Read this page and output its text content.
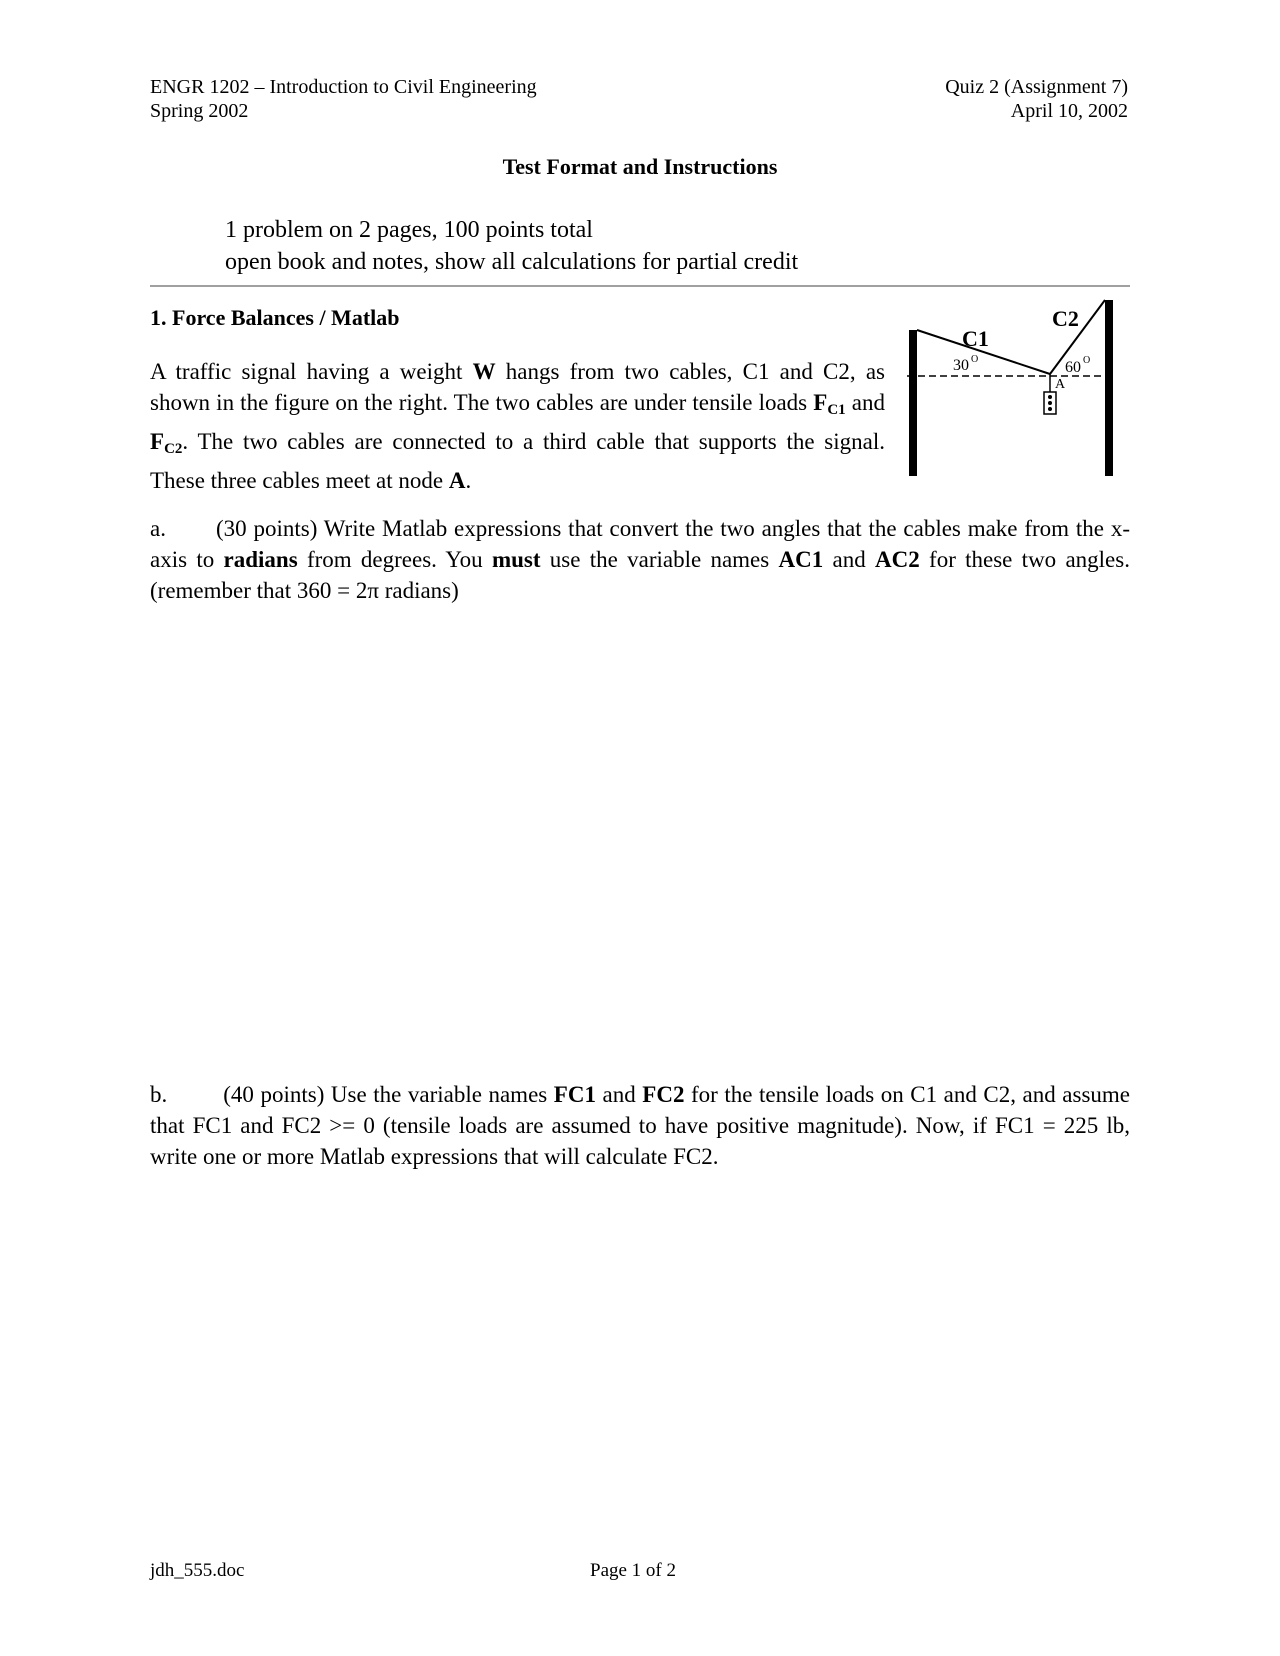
ENGR 1202 – Introduction to Civil Engineering
Spring 2002
Quiz 2 (Assignment 7)
April 10, 2002
Test Format and Instructions
1 problem on 2 pages, 100 points total
open book and notes, show all calculations for partial credit
1. Force Balances / Matlab
A traffic signal having a weight W hangs from two cables, C1 and C2, as shown in the figure on the right. The two cables are under tensile loads $F_{C1}$ and $F_{C2}$. The two cables are connected to a third cable that supports the signal. These three cables meet at node A.
C1
C2
30 O	60 O
A
a. (30 points) Write Matlab expressions that convert the two angles that the cables make from the x-axis to radians from degrees. You must use the variable names AC1 and AC2 for these two angles. (remember that 360 = 2π radians)
b. (40 points) Use the variable names FC1 and FC2 for the tensile loads on C1 and C2, and assume that FC1 and FC2 >= 0 (tensile loads are assumed to have positive magnitude). Now, if FC1 = 225 lb, write one or more Matlab expressions that will calculate FC2.
jdh_555.doc	Page 1 of 2
